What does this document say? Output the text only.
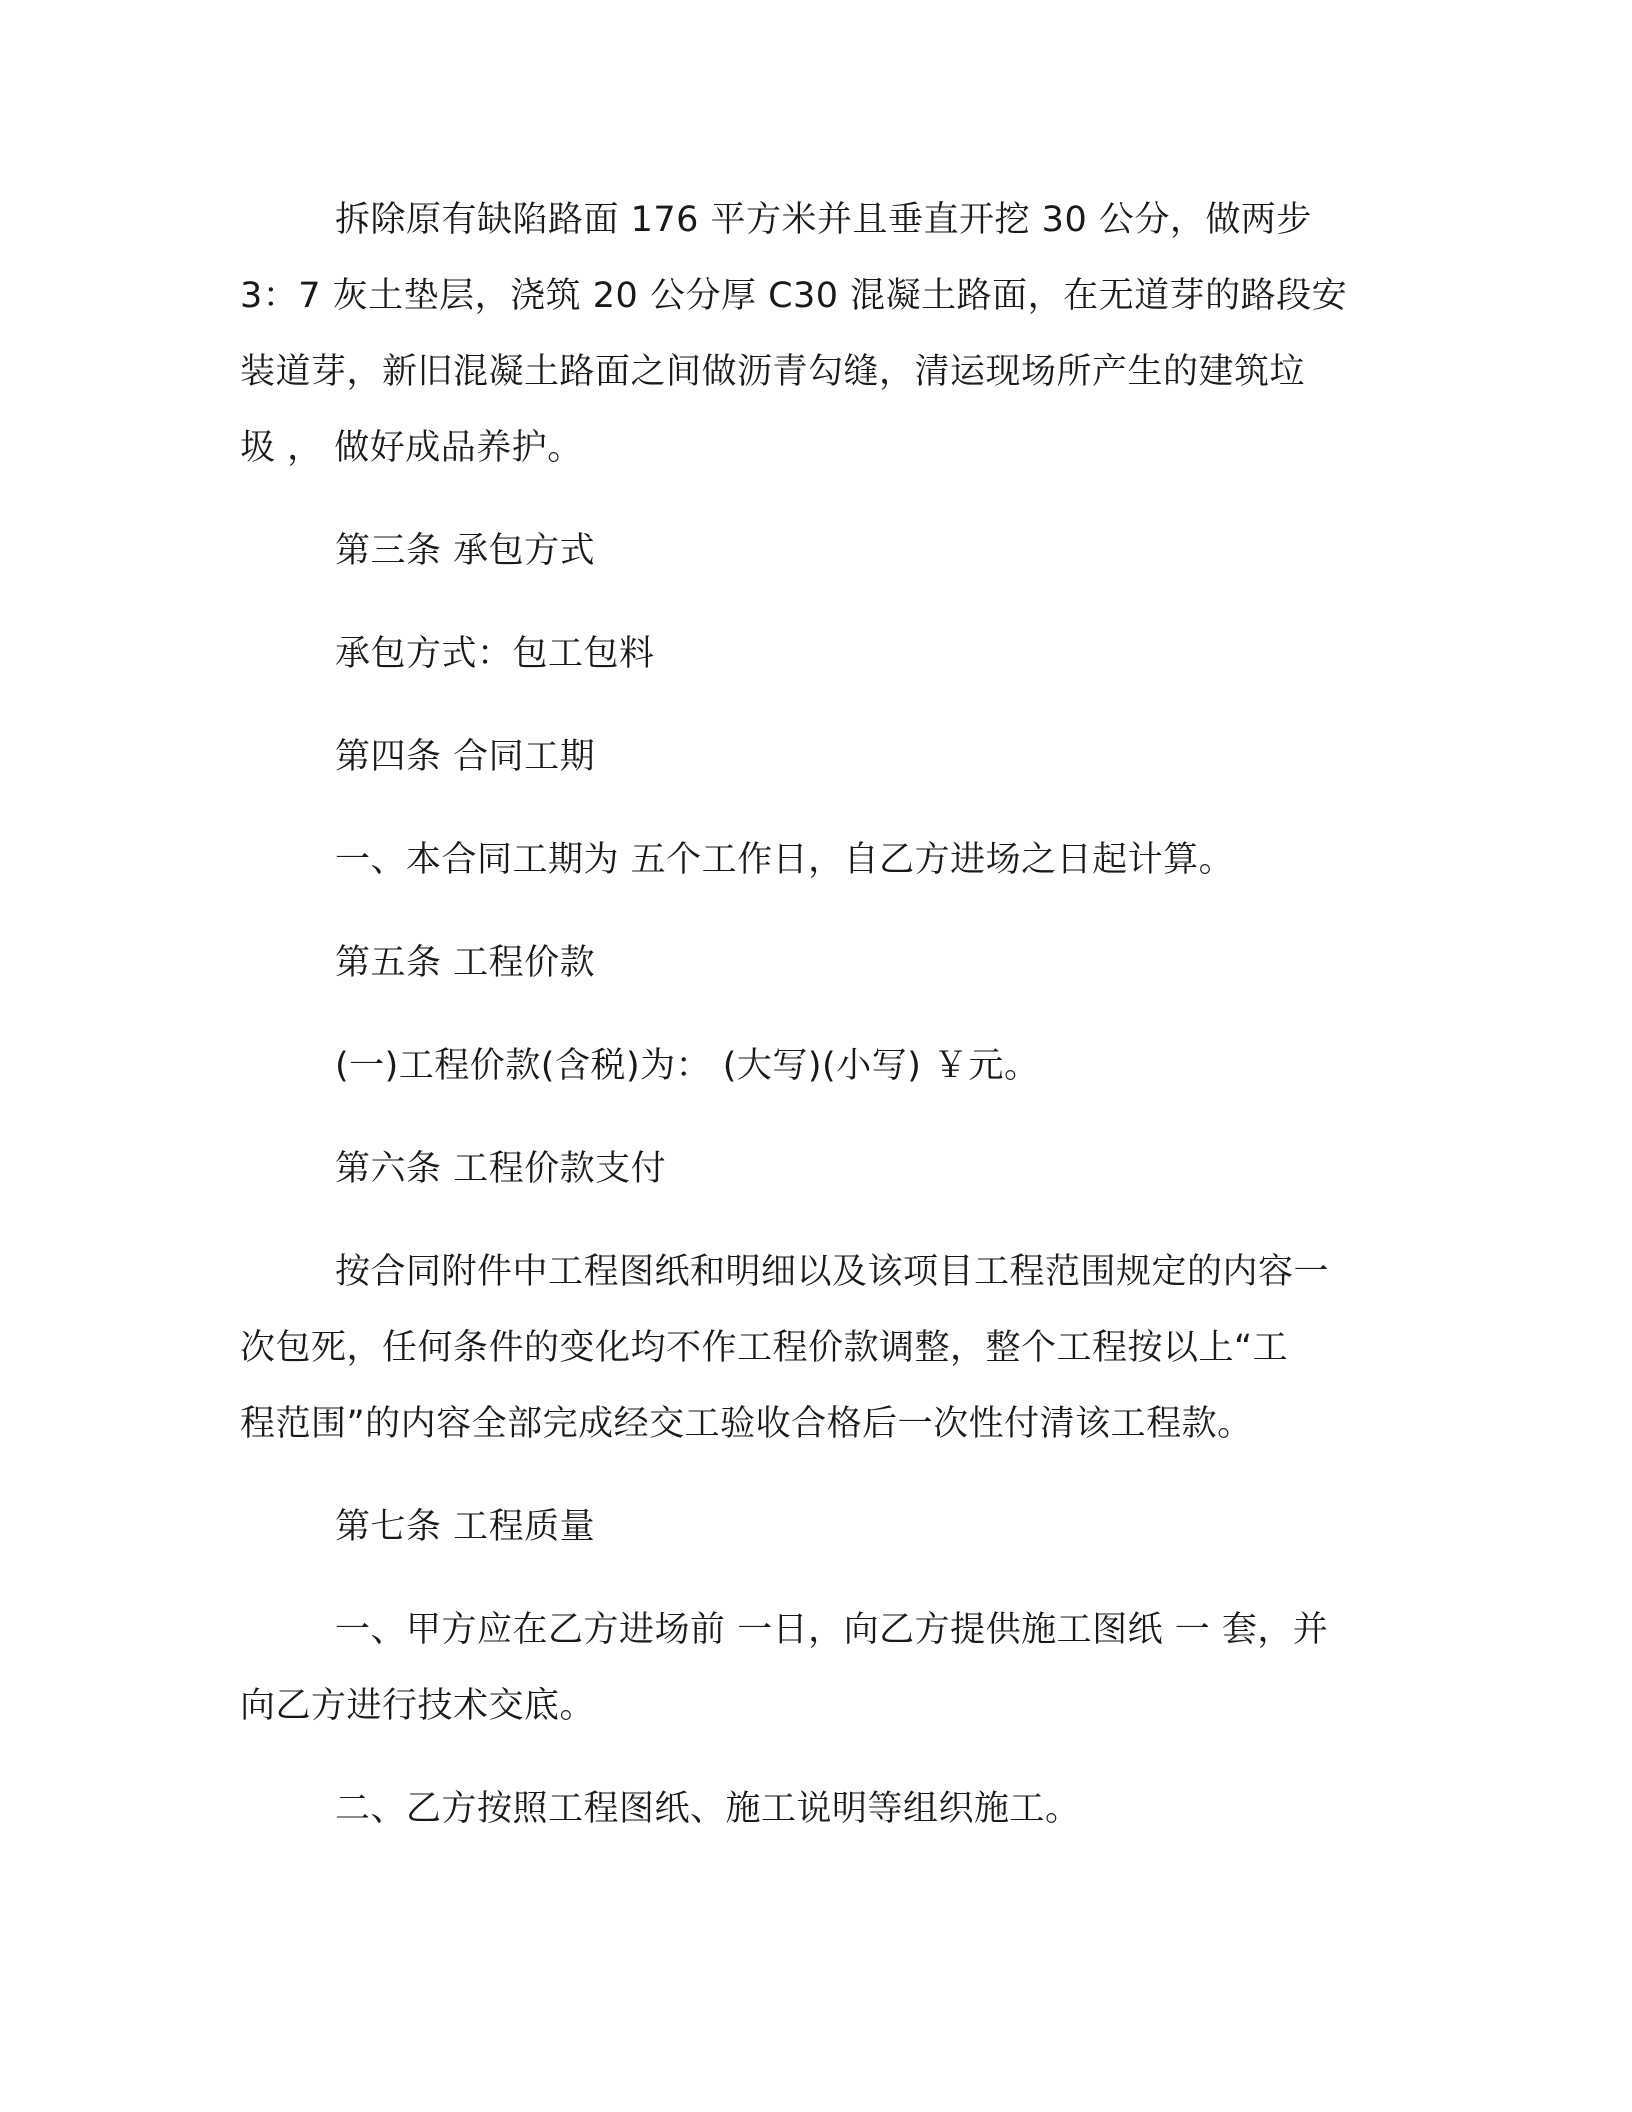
拆除原有缺陷路面 176 平方米并且垂直开挖 30 公分，做两步
3：7 灰土垫层，浇筑 20 公分厚 C30 混凝土路面，在无道芽的路段安
装道芽，新旧混凝土路面之间做沥青勾缝，清运现场所产生的建筑垃
圾 ， 做好成品养护。
第三条 承包方式
承包方式：包工包料
第四条 合同工期
一、本合同工期为 五个工作日，自乙方进场之日起计算。
第五条 工程价款
(一)工程价款(含税)为： (大写)(小写) ￥元。
第六条 工程价款支付
按合同附件中工程图纸和明细以及该项目工程范围规定的内容一
次包死，任何条件的变化均不作工程价款调整，整个工程按以上“工
程范围”的内容全部完成经交工验收合格后一次性付清该工程款。
第七条 工程质量
一、甲方应在乙方进场前 一日，向乙方提供施工图纸 一 套，并
向乙方进行技术交底。
二、乙方按照工程图纸、施工说明等组织施工。
